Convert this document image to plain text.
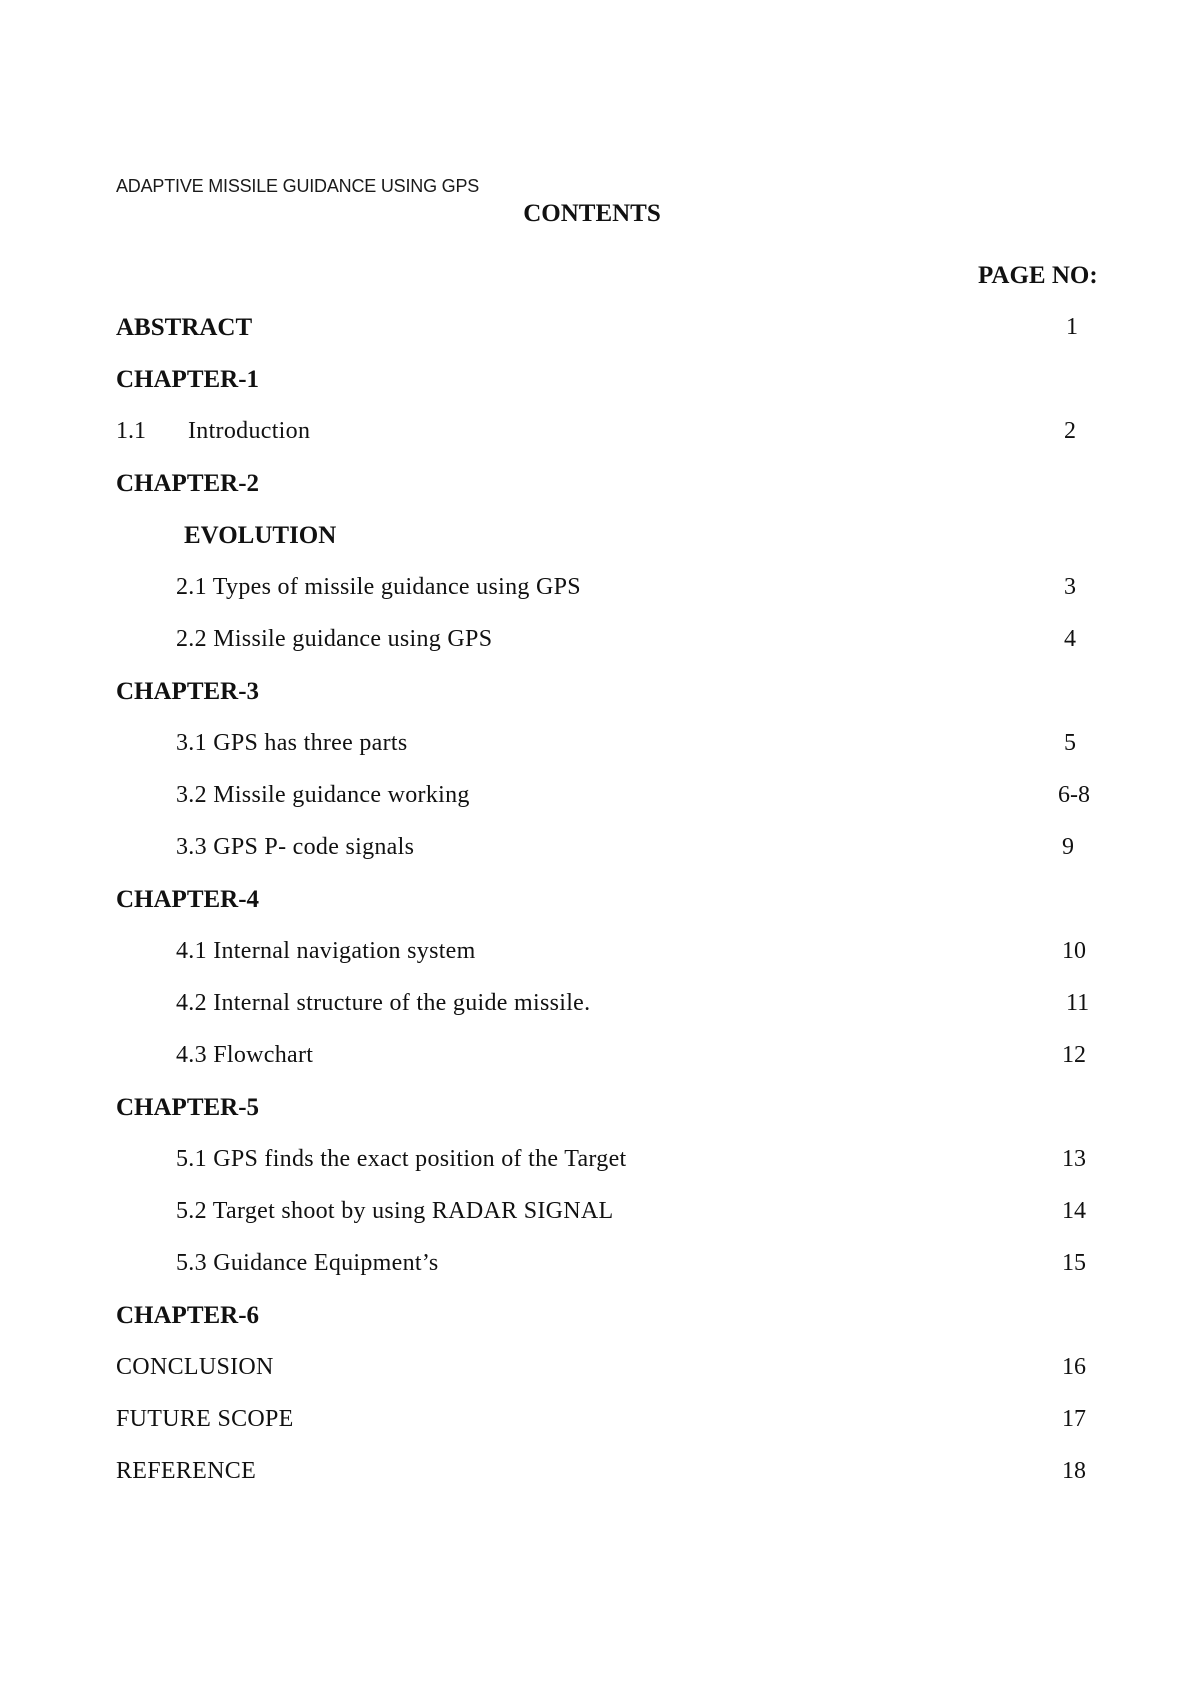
ADAPTIVE MISSILE GUIDANCE USING GPS
CONTENTS
PAGE NO:
ABSTRACT	1
CHAPTER-1
1.1 Introduction	2
CHAPTER-2
EVOLUTION
2.1 Types of missile guidance using GPS	3
2.2 Missile guidance using GPS	4
CHAPTER-3
3.1 GPS has three parts	5
3.2 Missile guidance working	6-8
3.3 GPS P- code signals	9
CHAPTER-4
4.1 Internal navigation system	10
4.2 Internal structure of the guide missile.	11
4.3 Flowchart	12
CHAPTER-5
5.1 GPS finds the exact position of the Target	13
5.2 Target shoot by using RADAR SIGNAL	14
5.3 Guidance Equipment’s	15
CHAPTER-6
CONCLUSION	16
FUTURE SCOPE	17
REFERENCE	18
